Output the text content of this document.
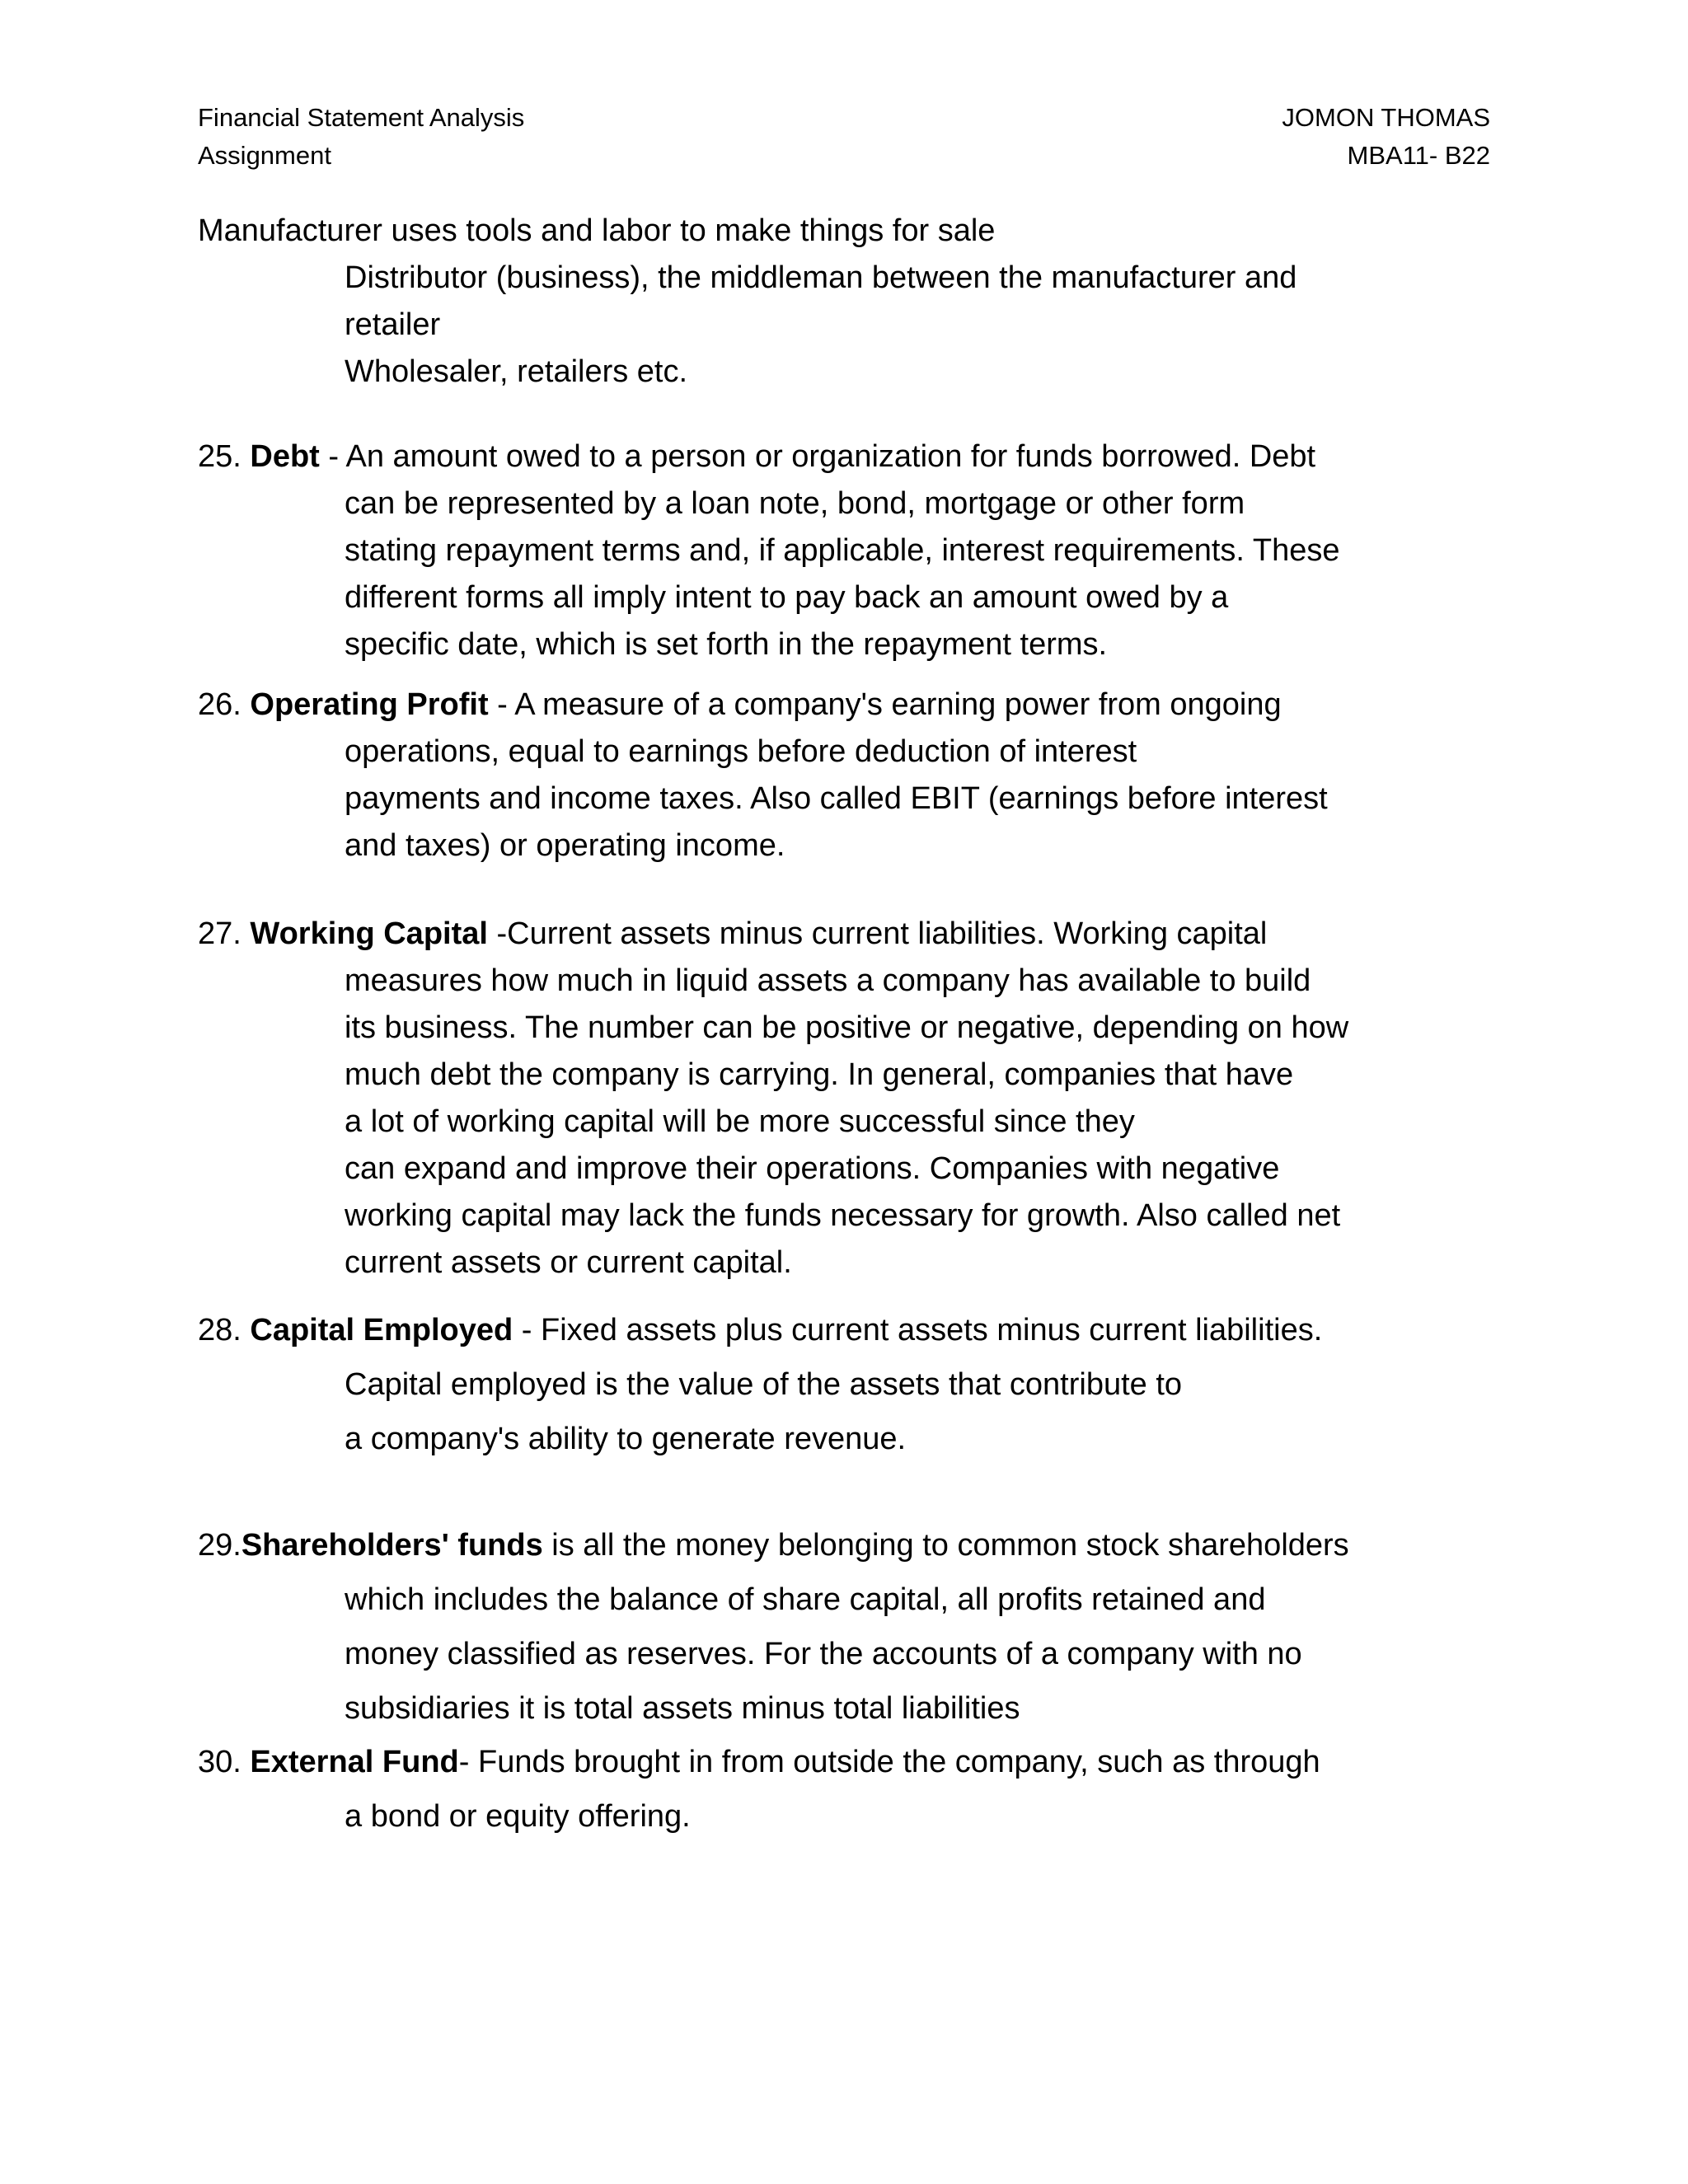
Financial Statement Analysis
Assignment
JOMON THOMAS
MBA11- B22
Manufacturer uses tools and labor to make things for sale
Distributor (business), the middleman between the manufacturer and
retailer
Wholesaler, retailers etc.
25. Debt - An amount owed to a person or organization for funds borrowed. Debt
can be represented by a loan note, bond, mortgage or other form
stating repayment terms and, if applicable, interest requirements. These
different forms all imply intent to pay back an amount owed by a
specific date, which is set forth in the repayment terms.
26. Operating Profit - A measure of a company's earning power from ongoing
operations, equal to earnings before deduction of interest
payments and income taxes. Also called EBIT (earnings before interest
and taxes) or operating income.
27. Working Capital -Current assets minus current liabilities. Working capital
measures how much in liquid assets a company has available to build
its business. The number can be positive or negative, depending on how
much debt the company is carrying. In general, companies that have
a lot of working capital will be more successful since they
can expand and improve their operations. Companies with negative
working capital may lack the funds necessary for growth. Also called net
current assets or current capital.
28. Capital Employed - Fixed assets plus current assets minus current liabilities.
Capital employed is the value of the assets that contribute to
a company's ability to generate revenue.
29.Shareholders' funds is all the money belonging to common stock shareholders
which includes the balance of share capital, all profits retained and
money classified as reserves. For the accounts of a company with no
subsidiaries it is total assets minus total liabilities
30. External Fund- Funds brought in from outside the company, such as through
a bond or equity offering.
